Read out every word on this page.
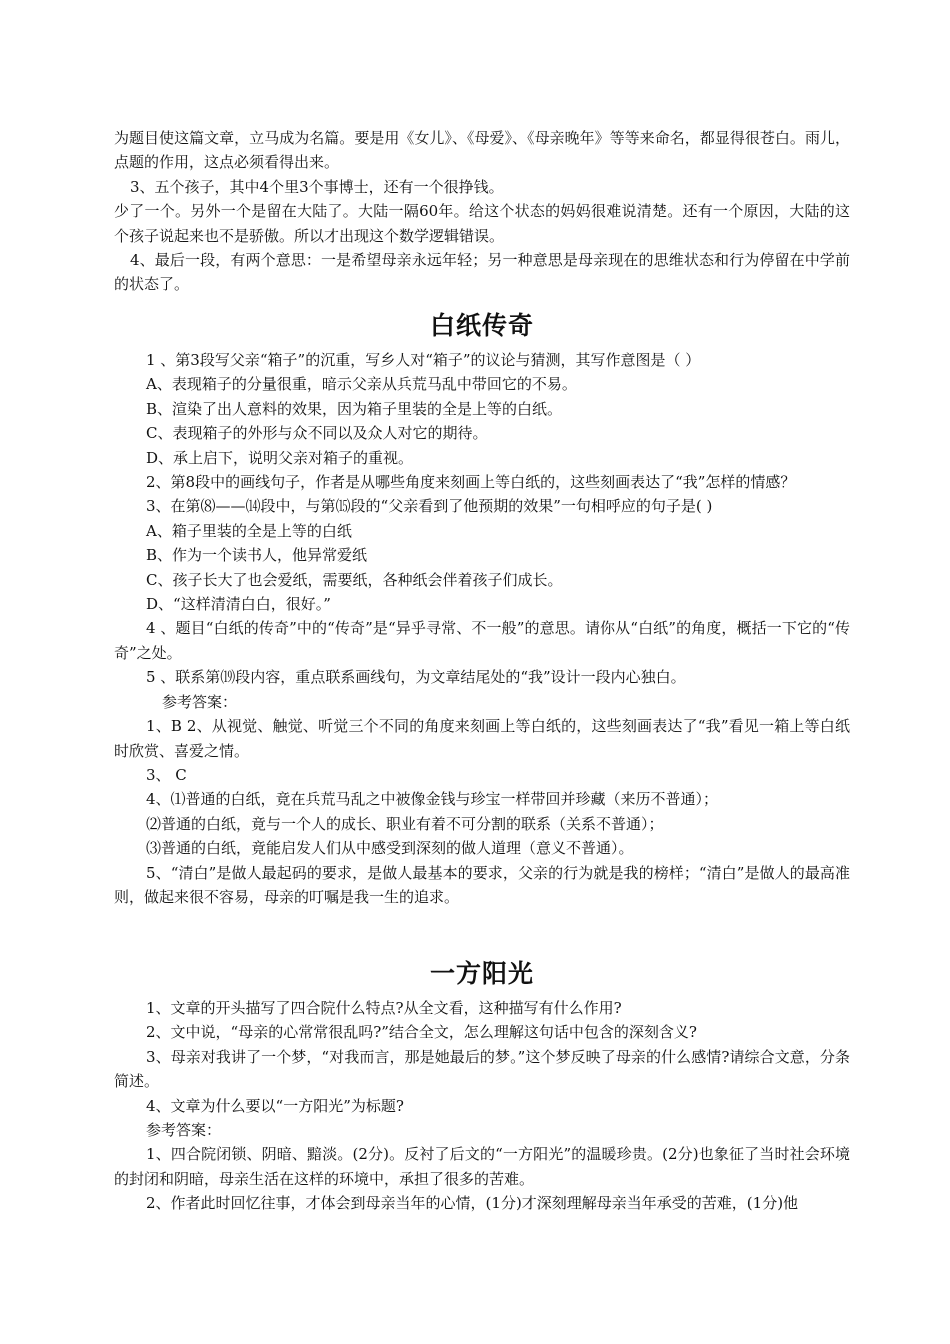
为题目使这篇文章，立马成为名篇。要是用《女儿》、《母爱》、《母亲晚年》等等来命名，都显得很苍白。雨儿，点题的作用，这点必须看得出来。

3、五个孩子，其中4个里3个事博士，还有一个很挣钱。

少了一个。另外一个是留在大陆了。大陆一隔60年。给这个状态的妈妈很难说清楚。还有一个原因，大陆的这个孩子说起来也不是骄傲。所以才出现这个数学逻辑错误。

4、最后一段，有两个意思：一是希望母亲永远年轻；另一种意思是母亲现在的思维状态和行为停留在中学前的状态了。

白纸传奇

1 、第3段写父亲“箱子”的沉重，写乡人对“箱子”的议论与猜测，其写作意图是（ ）

A、表现箱子的分量很重，暗示父亲从兵荒马乱中带回它的不易。

B、渲染了出人意料的效果，因为箱子里装的全是上等的白纸。

C、表现箱子的外形与众不同以及众人对它的期待。

D、承上启下，说明父亲对箱子的重视。

2、第8段中的画线句子，作者是从哪些角度来刻画上等白纸的，这些刻画表达了“我”怎样的情感？

3、在第⑻——⒁段中，与第⒂段的“父亲看到了他预期的效果”一句相呼应的句子是( )

A、箱子里装的全是上等的白纸

B、作为一个读书人，他异常爱纸

C、孩子长大了也会爱纸，需要纸，各种纸会伴着孩子们成长。

D、“这样清清白白，很好。”

4 、题目“白纸的传奇”中的“传奇”是“异乎寻常、不一般”的意思。请你从“白纸”的角度，概括一下它的“传奇”之处。

5 、联系第⒆段内容，重点联系画线句，为文章结尾处的“我”设计一段内心独白。

参考答案：

1、B 2、从视觉、触觉、听觉三个不同的角度来刻画上等白纸的，这些刻画表达了“我”看见一箱上等白纸时欣赏、喜爱之情。

3、 C

4、⑴普通的白纸，竟在兵荒马乱之中被像金钱与珍宝一样带回并珍藏（来历不普通）；

⑵普通的白纸，竟与一个人的成长、职业有着不可分割的联系（关系不普通）；

⑶普通的白纸，竟能启发人们从中感受到深刻的做人道理（意义不普通）。

5、“清白”是做人最起码的要求，是做人最基本的要求，父亲的行为就是我的榜样；“清白”是做人的最高准则，做起来很不容易，母亲的叮嘱是我一生的追求。

一方阳光

1、文章的开头描写了四合院什么特点?从全文看，这种描写有什么作用?

2、文中说，“母亲的心常常很乱吗?”结合全文，怎么理解这句话中包含的深刻含义?

3、母亲对我讲了一个梦，“对我而言，那是她最后的梦。”这个梦反映了母亲的什么感情?请综合文意，分条简述。

4、文章为什么要以“一方阳光”为标题?

参考答案：

1、四合院闭锁、阴暗、黯淡。(2分)。反衬了后文的“一方阳光”的温暖珍贵。(2分)也象征了当时社会环境的封闭和阴暗，母亲生活在这样的环境中，承担了很多的苦难。

2、作者此时回忆往事，才体会到母亲当年的心情，(1分)才深刻理解母亲当年承受的苦难，(1分)他
